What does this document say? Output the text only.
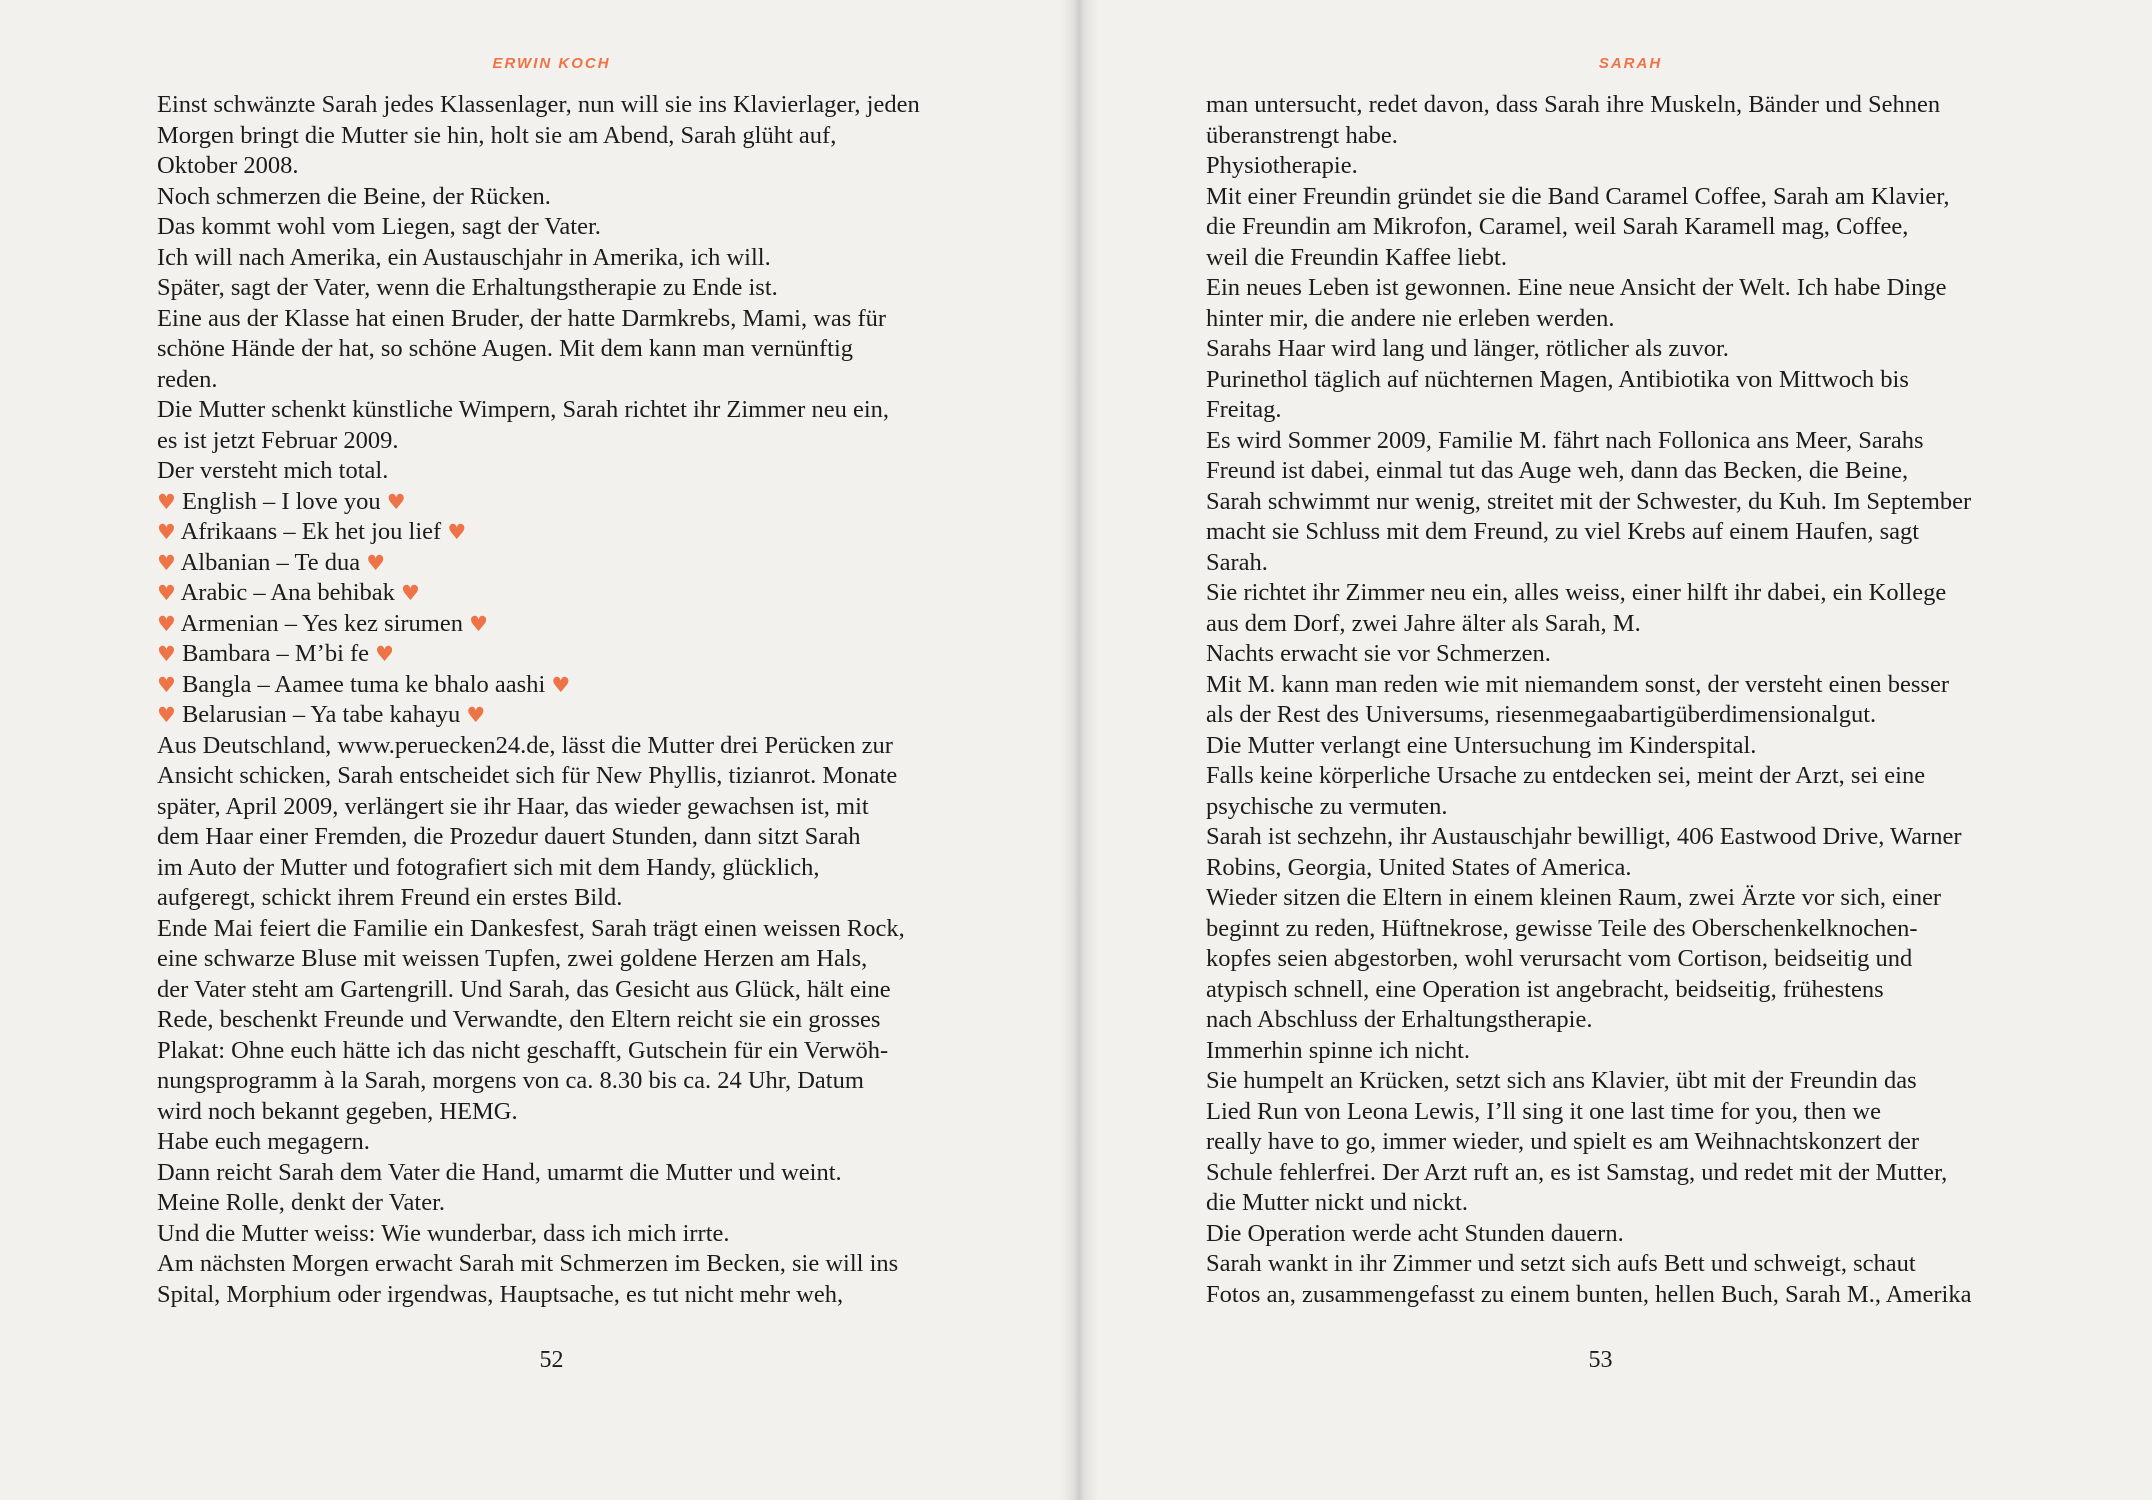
ERWIN KOCH
Einst schwänzte Sarah jedes Klassenlager, nun will sie ins Klavierlager, jeden
Morgen bringt die Mutter sie hin, holt sie am Abend, Sarah glüht auf,
Oktober 2008.
Noch schmerzen die Beine, der Rücken.
Das kommt wohl vom Liegen, sagt der Vater.
Ich will nach Amerika, ein Austauschjahr in Amerika, ich will.
Später, sagt der Vater, wenn die Erhaltungstherapie zu Ende ist.
Eine aus der Klasse hat einen Bruder, der hatte Darmkrebs, Mami, was für
schöne Hände der hat, so schöne Augen. Mit dem kann man vernünftig
reden.
Die Mutter schenkt künstliche Wimpern, Sarah richtet ihr Zimmer neu ein,
es ist jetzt Februar 2009.
Der versteht mich total.
♥ English – I love you ♥
♥ Afrikaans – Ek het jou lief ♥
♥ Albanian – Te dua ♥
♥ Arabic – Ana behibak ♥
♥ Armenian – Yes kez sirumen ♥
♥ Bambara – M’bi fe ♥
♥ Bangla – Aamee tuma ke bhalo aashi ♥
♥ Belarusian – Ya tabe kahayu ♥
Aus Deutschland, www.peruecken24.de, lässt die Mutter drei Perücken zur
Ansicht schicken, Sarah entscheidet sich für New Phyllis, tizianrot. Monate
später, April 2009, verlängert sie ihr Haar, das wieder gewachsen ist, mit
dem Haar einer Fremden, die Prozedur dauert Stunden, dann sitzt Sarah
im Auto der Mutter und fotografiert sich mit dem Handy, glücklich,
aufgeregt, schickt ihrem Freund ein erstes Bild.
Ende Mai feiert die Familie ein Dankesfest, Sarah trägt einen weissen Rock,
eine schwarze Bluse mit weissen Tupfen, zwei goldene Herzen am Hals,
der Vater steht am Gartengrill. Und Sarah, das Gesicht aus Glück, hält eine
Rede, beschenkt Freunde und Verwandte, den Eltern reicht sie ein grosses
Plakat: Ohne euch hätte ich das nicht geschafft, Gutschein für ein Verwöh-
nungsprogramm à la Sarah, morgens von ca. 8.30 bis ca. 24 Uhr, Datum
wird noch bekannt gegeben, HEMG.
Habe euch megagern.
Dann reicht Sarah dem Vater die Hand, umarmt die Mutter und weint.
Meine Rolle, denkt der Vater.
Und die Mutter weiss: Wie wunderbar, dass ich mich irrte.
Am nächsten Morgen erwacht Sarah mit Schmerzen im Becken, sie will ins
Spital, Morphium oder irgendwas, Hauptsache, es tut nicht mehr weh,
52
SARAH
man untersucht, redet davon, dass Sarah ihre Muskeln, Bänder und Sehnen
überanstrengt habe.
Physiotherapie.
Mit einer Freundin gründet sie die Band Caramel Coffee, Sarah am Klavier,
die Freundin am Mikrofon, Caramel, weil Sarah Karamell mag, Coffee,
weil die Freundin Kaffee liebt.
Ein neues Leben ist gewonnen. Eine neue Ansicht der Welt. Ich habe Dinge
hinter mir, die andere nie erleben werden.
Sarahs Haar wird lang und länger, rötlicher als zuvor.
Purinethol täglich auf nüchternen Magen, Antibiotika von Mittwoch bis
Freitag.
Es wird Sommer 2009, Familie M. fährt nach Follonica ans Meer, Sarahs
Freund ist dabei, einmal tut das Auge weh, dann das Becken, die Beine,
Sarah schwimmt nur wenig, streitet mit der Schwester, du Kuh. Im September
macht sie Schluss mit dem Freund, zu viel Krebs auf einem Haufen, sagt
Sarah.
Sie richtet ihr Zimmer neu ein, alles weiss, einer hilft ihr dabei, ein Kollege
aus dem Dorf, zwei Jahre älter als Sarah, M.
Nachts erwacht sie vor Schmerzen.
Mit M. kann man reden wie mit niemandem sonst, der versteht einen besser
als der Rest des Universums, riesenmegaabartigüberdimensionalgut.
Die Mutter verlangt eine Untersuchung im Kinderspital.
Falls keine körperliche Ursache zu entdecken sei, meint der Arzt, sei eine
psychische zu vermuten.
Sarah ist sechzehn, ihr Austauschjahr bewilligt, 406 Eastwood Drive, Warner
Robins, Georgia, United States of America.
Wieder sitzen die Eltern in einem kleinen Raum, zwei Ärzte vor sich, einer
beginnt zu reden, Hüftnekrose, gewisse Teile des Oberschenkelknochen-
kopfes seien abgestorben, wohl verursacht vom Cortison, beidseitig und
atypisch schnell, eine Operation ist angebracht, beidseitig, frühestens
nach Abschluss der Erhaltungstherapie.
Immerhin spinne ich nicht.
Sie humpelt an Krücken, setzt sich ans Klavier, übt mit der Freundin das
Lied Run von Leona Lewis, I’ll sing it one last time for you, then we
really have to go, immer wieder, und spielt es am Weihnachtskonzert der
Schule fehlerfrei. Der Arzt ruft an, es ist Samstag, und redet mit der Mutter,
die Mutter nickt und nickt.
Die Operation werde acht Stunden dauern.
Sarah wankt in ihr Zimmer und setzt sich aufs Bett und schweigt, schaut
Fotos an, zusammengefasst zu einem bunten, hellen Buch, Sarah M., Amerika
53
